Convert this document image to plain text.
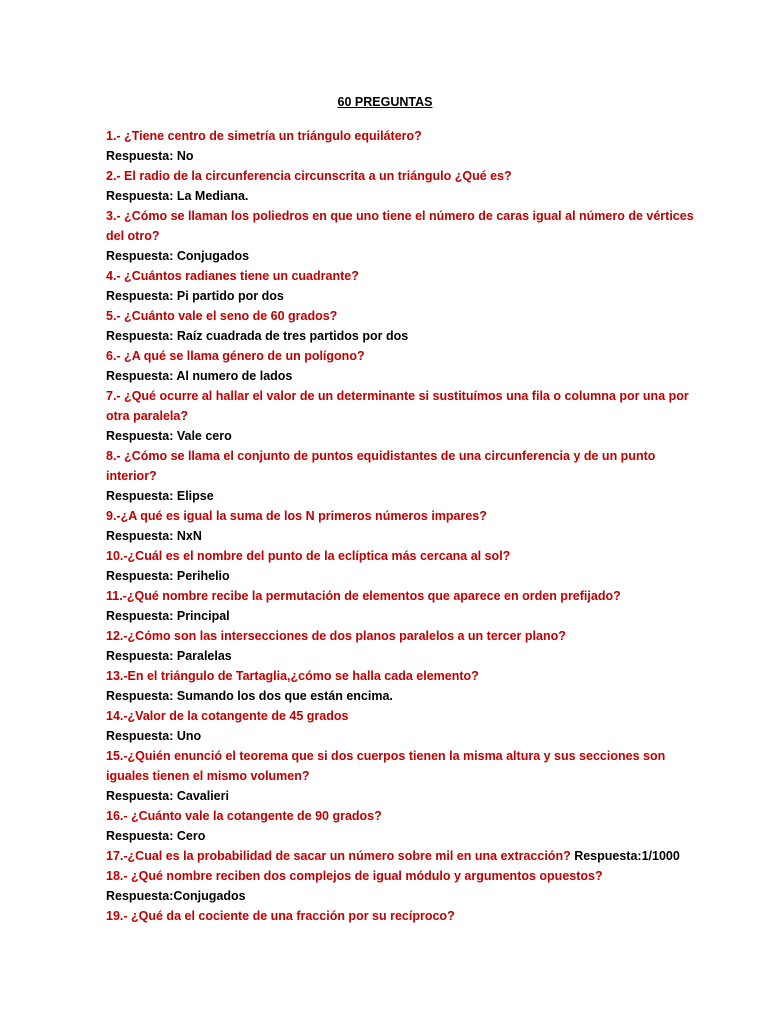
60 PREGUNTAS

1.- ¿Tiene centro de simetría un triángulo equilátero?

Respuesta: No

2.- El radio de la circunferencia circunscrita a un triángulo ¿Qué es?

Respuesta: La Mediana.

3.- ¿Cómo se llaman los poliedros en que uno tiene el número de caras igual al número de vértices del otro?

Respuesta: Conjugados

4.- ¿Cuántos radianes tiene un cuadrante?

Respuesta: Pi partido por dos

5.- ¿Cuánto vale el seno de 60 grados?

Respuesta: Raíz cuadrada de tres partidos por dos

6.- ¿A qué se llama género de un polígono?

Respuesta: Al numero de lados

7.- ¿Qué ocurre al hallar el valor de un determinante si sustituímos una fila o columna por una por otra paralela?

Respuesta: Vale cero

8.- ¿Cómo se llama el conjunto de puntos equidistantes de una circunferencia y de un punto interior?

Respuesta: Elipse

9.-¿A qué es igual la suma de los N primeros números impares?

Respuesta: NxN

10.-¿Cuál es el nombre del punto de la eclíptica más cercana al sol?

Respuesta: Perihelio

11.-¿Qué nombre recibe la permutación de elementos que aparece en orden prefijado?

Respuesta: Principal

12.-¿Cómo son las intersecciones de dos planos paralelos a un tercer plano?

Respuesta: Paralelas

13.-En el triángulo de Tartaglia,¿cómo se halla cada elemento?

Respuesta: Sumando los dos que están encima.

14.-¿Valor de la cotangente de 45 grados

Respuesta: Uno

15.-¿Quién enunció el teorema que si dos cuerpos tienen la misma altura y sus secciones son iguales tienen el mismo volumen?

Respuesta: Cavalieri

16.- ¿Cuánto vale la cotangente de 90 grados?

Respuesta: Cero

17.-¿Cual es la probabilidad de sacar un número sobre mil en una extracción? Respuesta:1/1000

18.- ¿Qué nombre reciben dos complejos de igual módulo y argumentos opuestos?

Respuesta:Conjugados

19.- ¿Qué da el cociente de una fracción por su recíproco?
